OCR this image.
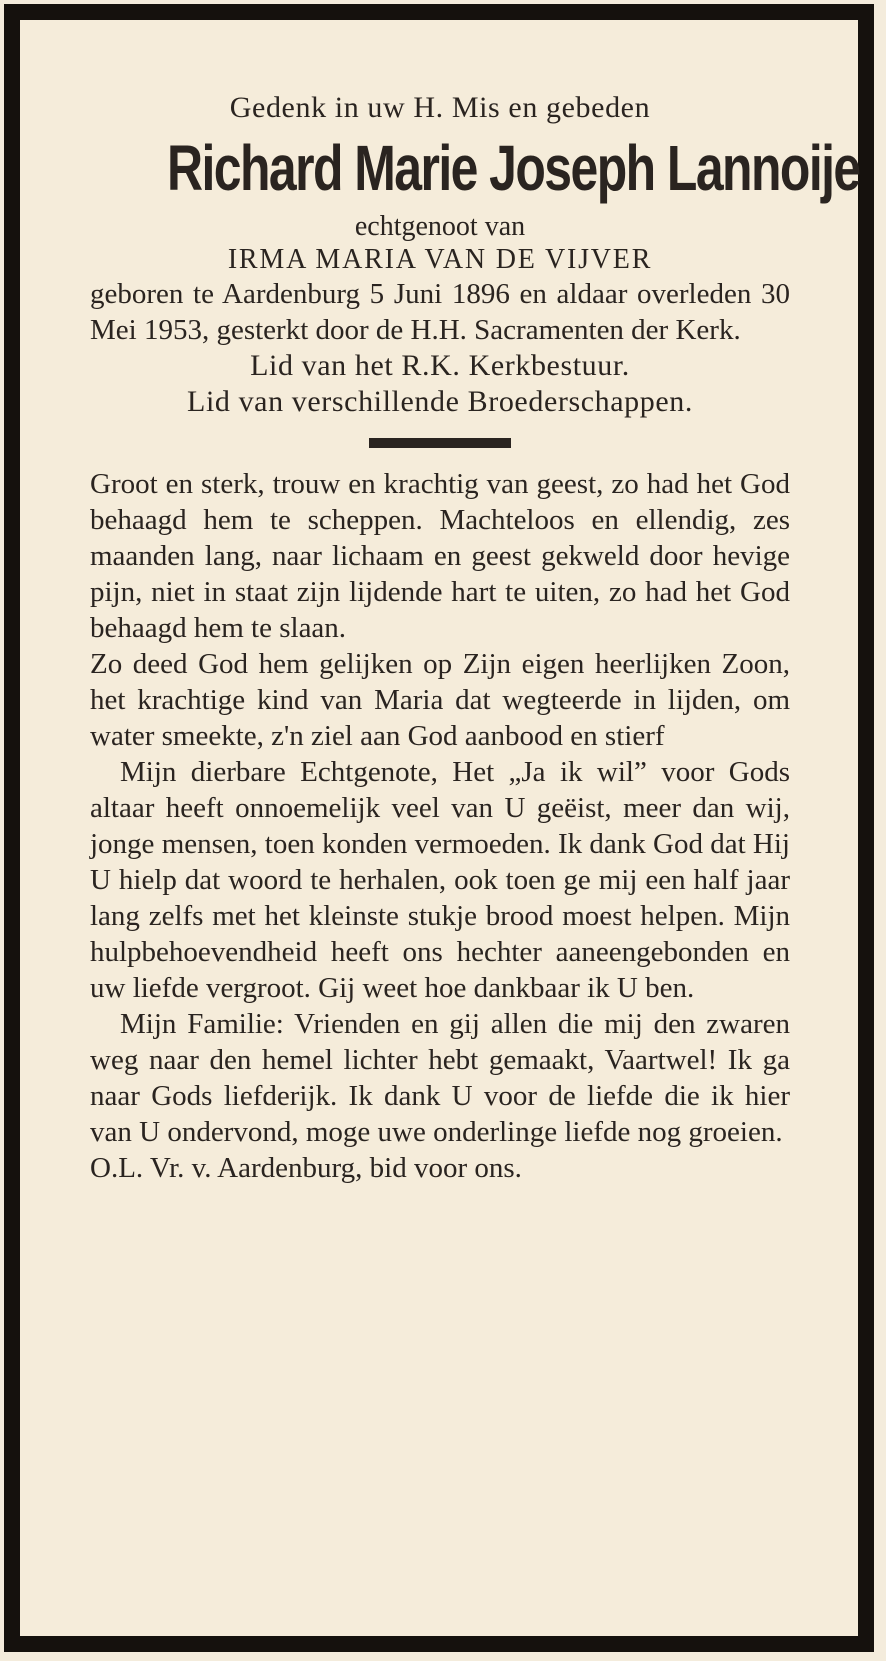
Gedenk in uw H. Mis en gebeden
Richard Marie Joseph Lannoije
echtgenoot van
IRMA MARIA VAN DE VIJVER
geboren te Aardenburg 5 Juni 1896 en aldaar overleden 30 Mei 1953, gesterkt door de H.H. Sacramenten der Kerk.
Lid van het R.K. Kerkbestuur.
Lid van verschillende Broederschappen.
Groot en sterk, trouw en krachtig van geest, zo had het God behaagd hem te scheppen. Machteloos en ellendig, zes maanden lang, naar lichaam en geest gekweld door hevige pijn, niet in staat zijn lijdende hart te uiten, zo had het God behaagd hem te slaan.
Zo deed God hem gelijken op Zijn eigen heerlijken Zoon, het krachtige kind van Maria dat wegteerde in lijden, om water smeekte, z'n ziel aan God aanbood en stierf
Mijn dierbare Echtgenote, Het „Ja ik wil” voor Gods altaar heeft onnoemelijk veel van U geëist, meer dan wij, jonge mensen, toen konden vermoeden. Ik dank God dat Hij U hielp dat woord te herhalen, ook toen ge mij een half jaar lang zelfs met het kleinste stukje brood moest helpen. Mijn hulpbehoevendheid heeft ons hechter aaneengebonden en uw liefde vergroot. Gij weet hoe dankbaar ik U ben.
Mijn Familie: Vrienden en gij allen die mij den zwaren weg naar den hemel lichter hebt gemaakt, Vaartwel! Ik ga naar Gods liefderijk. Ik dank U voor de liefde die ik hier van U ondervond, moge uwe onderlinge liefde nog groeien.
O.L. Vr. v. Aardenburg, bid voor ons.
